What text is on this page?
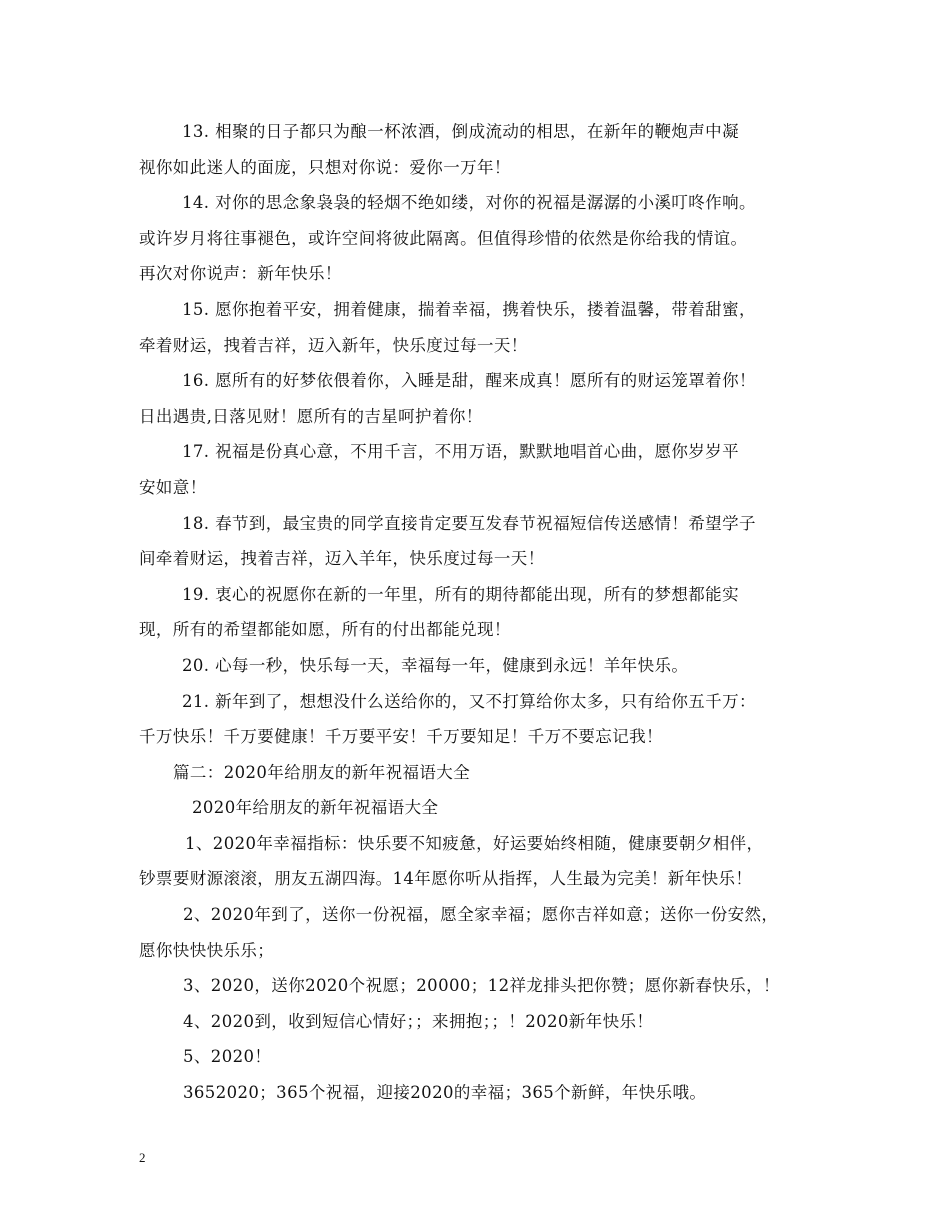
13. 相聚的日子都只为酿一杯浓酒，倒成流动的相思，在新年的鞭炮声中凝
视你如此迷人的面庞，只想对你说：爱你一万年！
14. 对你的思念象袅袅的轻烟不绝如缕，对你的祝福是潺潺的小溪叮咚作响。
或许岁月将往事褪色，或许空间将彼此隔离。但值得珍惜的依然是你给我的情谊。
再次对你说声：新年快乐！
15. 愿你抱着平安，拥着健康，揣着幸福，携着快乐，搂着温馨，带着甜蜜，
牵着财运，拽着吉祥，迈入新年，快乐度过每一天！
16. 愿所有的好梦依偎着你，入睡是甜，醒来成真！愿所有的财运笼罩着你！
日出遇贵,日落见财！愿所有的吉星呵护着你！
17. 祝福是份真心意，不用千言，不用万语，默默地唱首心曲，愿你岁岁平
安如意！
18. 春节到，最宝贵的同学直接肯定要互发春节祝福短信传送感情！希望学子
间牵着财运，拽着吉祥，迈入羊年，快乐度过每一天！
19. 衷心的祝愿你在新的一年里，所有的期待都能出现，所有的梦想都能实
现，所有的希望都能如愿，所有的付出都能兑现！
20. 心每一秒，快乐每一天，幸福每一年，健康到永远！羊年快乐。
21. 新年到了，想想没什么送给你的，又不打算给你太多，只有给你五千万：
千万快乐！千万要健康！千万要平安！千万要知足！千万不要忘记我！
篇二：2020年给朋友的新年祝福语大全
2020年给朋友的新年祝福语大全
1、2020年幸福指标：快乐要不知疲惫，好运要始终相随，健康要朝夕相伴，
钞票要财源滚滚，朋友五湖四海。14年愿你听从指挥，人生最为完美！新年快乐！
2、2020年到了，送你一份祝福，愿全家幸福；愿你吉祥如意；送你一份安然，
愿你快快快乐乐；
3、2020，送你2020个祝愿；20000；12祥龙排头把你赞；愿你新春快乐，！
4、2020到，收到短信心情好；；来拥抱；；！2020新年快乐！
5、2020！
3652020；365个祝福，迎接2020的幸福；365个新鲜，年快乐哦。
2
